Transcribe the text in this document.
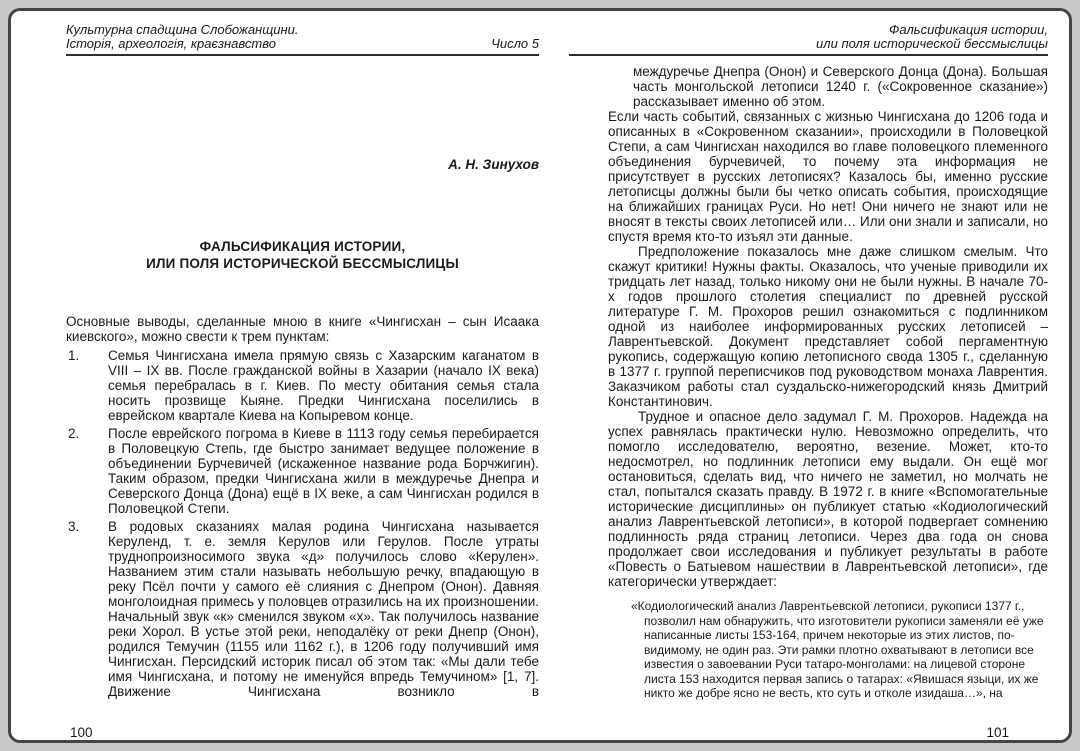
Культурна спадщина Слобожанщини.
Історія, археологія, краєзнавство	Число 5
А. Н. Зинухов
ФАЛЬСИФИКАЦИЯ ИСТОРИИ,
ИЛИ ПОЛЯ ИСТОРИЧЕСКОЙ БЕССМЫСЛИЦЫ
Основные выводы, сделанные мною в книге «Чингисхан – сын Исаака киевского», можно свести к трем пунктам:
1. Семья Чингисхана имела прямую связь с Хазарским каганатом в VIII – IX вв. После гражданской войны в Хазарии (начало IX века) семья перебралась в г. Киев. По месту обитания семья стала носить прозвище Кыяне. Предки Чингисхана поселились в еврейском квартале Киева на Копыревом конце.
2. После еврейского погрома в Киеве в 1113 году семья перебирается в Половецкую Степь, где быстро занимает ведущее положение в объединении Бурчевичей (искаженное название рода Борчжигин). Таким образом, предки Чингисхана жили в междуречье Днепра и Северского Донца (Дона) ещё в IX веке, а сам Чингисхан родился в Половецкой Степи.
3. В родовых сказаниях малая родина Чингисхана называется Керуленд, т. е. земля Керулов или Герулов. После утраты труднопроизносимого звука «д» получилось слово «Керулен». Названием этим стали называть небольшую речку, впадающую в реку Псёл почти у самого её слияния с Днепром (Онон). Давняя монголоидная примесь у половцев отразились на их произношении. Начальный звук «к» сменился звуком «х». Так получилось название реки Хорол. В устье этой реки, неподалёку от реки Днепр (Онон), родился Темучин (1155 или 1162 г.), в 1206 году получивший имя Чингисхан. Персидский историк писал об этом так: «Мы дали тебе имя Чингисхана, и потому не именуйся впредь Темучином» [1, 7]. Движение Чингисхана возникло в
100
Фальсификация истории,
или поля исторической бессмыслицы

междуречье Днепра (Онон) и Северского Донца (Дона). Большая часть монгольской летописи 1240 г. («Сокровенное сказание») рассказывает именно об этом.

Если часть событий, связанных с жизнью Чингисхана до 1206 года и описанных в «Сокровенном сказании», происходили в Половецкой Степи, а сам Чингисхан находился во главе половецкого племенного объединения бурчевичей, то почему эта информация не присутствует в русских летописях? Казалось бы, именно русские летописцы должны были бы четко описать события, происходящие на ближайших границах Руси. Но нет! Они ничего не знают или не вносят в тексты своих летописей или… Или они знали и записали, но спустя время кто-то изъял эти данные.

Предположение показалось мне даже слишком смелым. Что скажут критики! Нужны факты. Оказалось, что ученые приводили их тридцать лет назад, только никому они не были нужны. В начале 70-х годов прошлого столетия специалист по древней русской литературе Г. М. Прохоров решил ознакомиться с подлинником одной из наиболее информированных русских летописей – Лаврентьевской. Документ представляет собой пергаментную рукопись, содержащую копию летописного свода 1305 г., сделанную в 1377 г. группой переписчиков под руководством монаха Лаврентия. Заказчиком работы стал суздальско-нижегородский князь Дмитрий Константинович.

Трудное и опасное дело задумал Г. М. Прохоров. Надежда на успех равнялась практически нулю. Невозможно определить, что помогло исследователю, вероятно, везение. Может, кто-то недосмотрел, но подлинник летописи ему выдали. Он ещё мог остановиться, сделать вид, что ничего не заметил, но молчать не стал, попытался сказать правду. В 1972 г. в книге «Вспомогательные исторические дисциплины» он публикует статью «Кодиологический анализ Лаврентьевской летописи», в которой подвергает сомнению подлинность ряда страниц летописи. Через два года он снова продолжает свои исследования и публикует результаты в работе «Повесть о Батыевом нашествии в Лаврентьевской летописи», где категорически утверждает:

«Кодиологический анализ Лаврентьевской летописи, рукописи 1377 г., позволил нам обнаружить, что изготовители рукописи заменяли её уже написанные листы 153-164, причем некоторые из этих листов, по-видимому, не один раз. Эти рамки плотно охватывают в летописи все известия о завоевании Руси татаро-монголами: на лицевой стороне листа 153 находится первая запись о татарах: «Явишася языци, их же никто же добре ясно не весть, кто суть и отколе изидаша…», на
101
